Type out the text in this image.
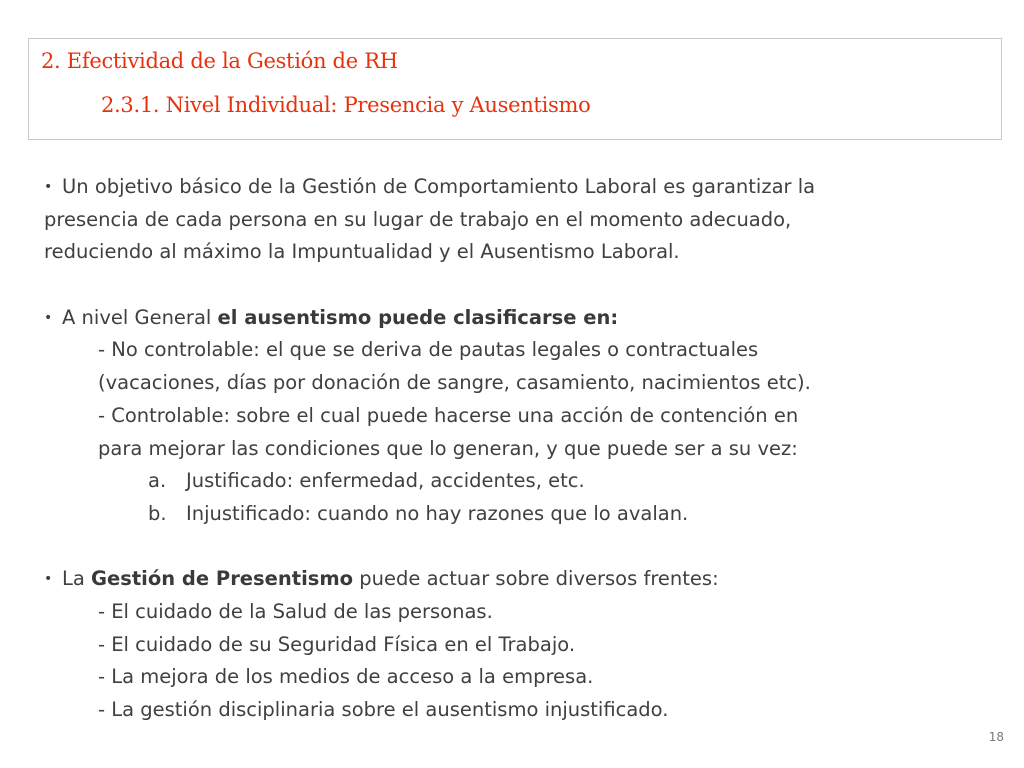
2. Efectividad de la Gestión de RH
2.3.1. Nivel Individual: Presencia y Ausentismo
• Un objetivo básico de la Gestión de Comportamiento Laboral es garantizar la
presencia de cada persona en su lugar de trabajo en el momento adecuado,
reduciendo al máximo la Impuntualidad y el Ausentismo Laboral.
• A nivel General el ausentismo puede clasificarse en:
- No controlable: el que se deriva de pautas legales o contractuales
(vacaciones, días por donación de sangre, casamiento, nacimientos etc).
- Controlable: sobre el cual puede hacerse una acción de contención en
para mejorar las condiciones que lo generan, y que puede ser a su vez:
a. Justificado: enfermedad, accidentes, etc.
b. Injustificado: cuando no hay razones que lo avalan.
• La Gestión de Presentismo puede actuar sobre diversos frentes:
- El cuidado de la Salud de las personas.
- El cuidado de su Seguridad Física en el Trabajo.
- La mejora de los medios de acceso a la empresa.
- La gestión disciplinaria sobre el ausentismo injustificado.
18
